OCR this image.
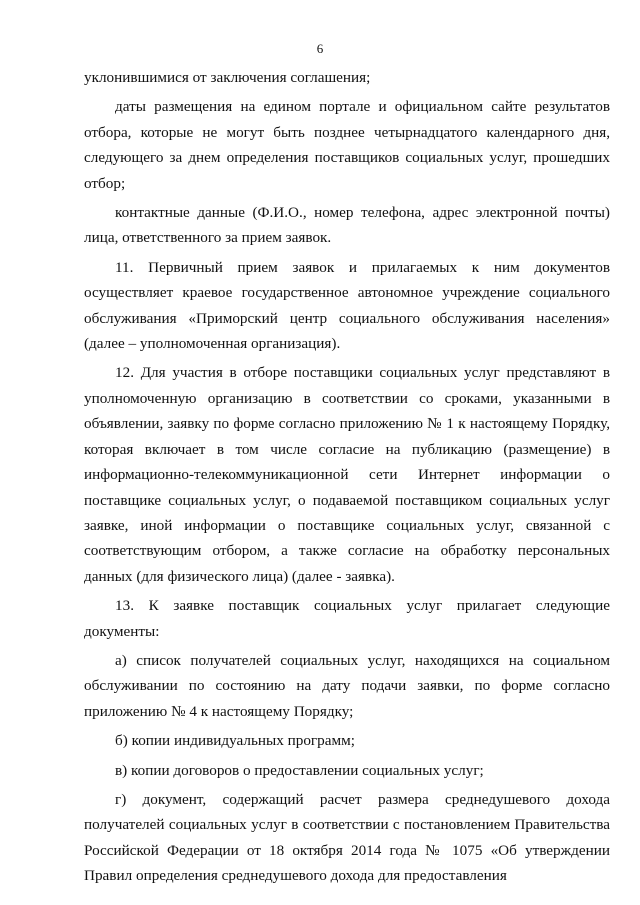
6

уклонившимися от заключения соглашения;

даты размещения на едином портале и официальном сайте результатов отбора, которые не могут быть позднее четырнадцатого календарного дня, следующего за днем определения поставщиков социальных услуг, прошедших отбор;

контактные данные (Ф.И.О., номер телефона, адрес электронной почты) лица, ответственного за прием заявок.

11. Первичный прием заявок и прилагаемых к ним документов осуществляет краевое государственное автономное учреждение социального обслуживания «Приморский центр социального обслуживания населения» (далее – уполномоченная организация).

12. Для участия в отборе поставщики социальных услуг представляют в уполномоченную организацию в соответствии со сроками, указанными в объявлении, заявку по форме согласно приложению № 1 к настоящему Порядку, которая включает в том числе согласие на публикацию (размещение) в информационно-телекоммуникационной сети Интернет информации о поставщике социальных услуг, о подаваемой поставщиком социальных услуг заявке, иной информации о поставщике социальных услуг, связанной с соответствующим отбором, а также согласие на обработку персональных данных (для физического лица) (далее - заявка).

13. К заявке поставщик социальных услуг прилагает следующие документы:

а) список получателей социальных услуг, находящихся на социальном обслуживании по состоянию на дату подачи заявки, по форме согласно приложению № 4 к настоящему Порядку;

б) копии индивидуальных программ;

в) копии договоров о предоставлении социальных услуг;

г) документ, содержащий расчет размера среднедушевого дохода получателей социальных услуг в соответствии с постановлением Правительства Российской Федерации от 18 октября 2014 года № 1075 «Об утверждении Правил определения среднедушевого дохода для предоставления
